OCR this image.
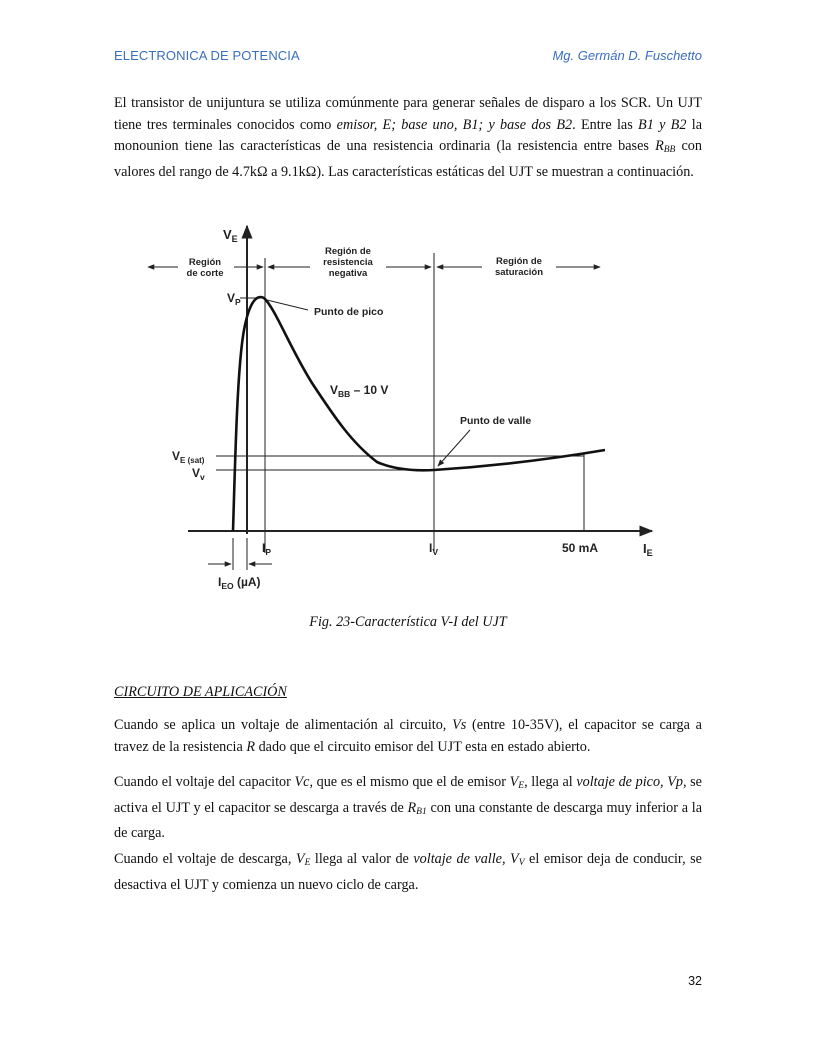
ELECTRONICA DE POTENCIA	Mg. Germán D. Fuschetto

El transistor de unijuntura se utiliza comúnmente para generar señales de disparo a los SCR. Un UJT tiene tres terminales conocidos como emisor, E; base uno, B1; y base dos B2. Entre las B1 y B2 la monounion tiene las características de una resistencia ordinaria (la resistencia entre bases $R_{BB}$ con valores del rango de 4.7kΩ a 9.1kΩ). Las características estáticas del UJT se muestran a continuación.

$V_E$
$I_E$
Región de corte
Región de resistencia negativa
Región de saturación
$V_P$
$V_{E (sat)}$
$V_v$
Punto de pico
$V_{BB} - 10$ V
Punto de valle
$I_P$	$I_V$	50 mA
$I_{EO}$ (µA)
Fig. 23-Característica V-I del UJT

CIRCUITO DE APLICACIÓN

Cuando se aplica un voltaje de alimentación al circuito, Vs (entre 10-35V), el capacitor se carga a travez de la resistencia R dado que el circuito emisor del UJT esta en estado abierto.

Cuando el voltaje del capacitor Vc, que es el mismo que el de emisor $V_E$, llega al voltaje de pico, Vp, se activa el UJT y el capacitor se descarga a través de $R_{B1}$ con una constante de descarga muy inferior a la de carga.

Cuando el voltaje de descarga, $V_E$ llega al valor de voltaje de valle, $V_V$ el emisor deja de conducir, se desactiva el UJT y comienza un nuevo ciclo de carga.

32
